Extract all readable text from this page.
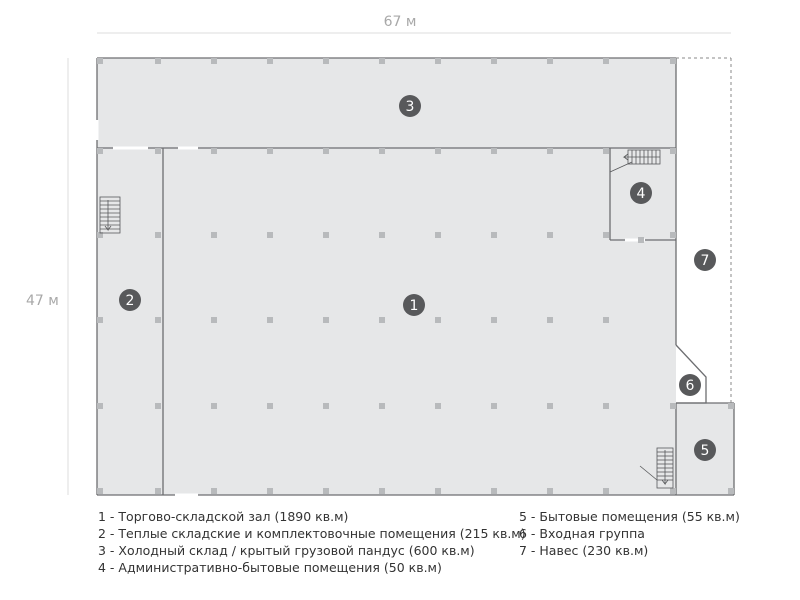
67 м
47 м	1
2
3
4
5
6
7
1 - Торгово-складской зал (1890 кв.м)
2 - Теплые складские и комплектовочные помещения (215 кв.м)
3 - Холодный склад / крытый грузовой пандус (600 кв.м)
4 - Административно-бытовые помещения (50 кв.м)
5 - Бытовые помещения (55 кв.м)
6 - Входная группа
7 - Навес (230 кв.м)
